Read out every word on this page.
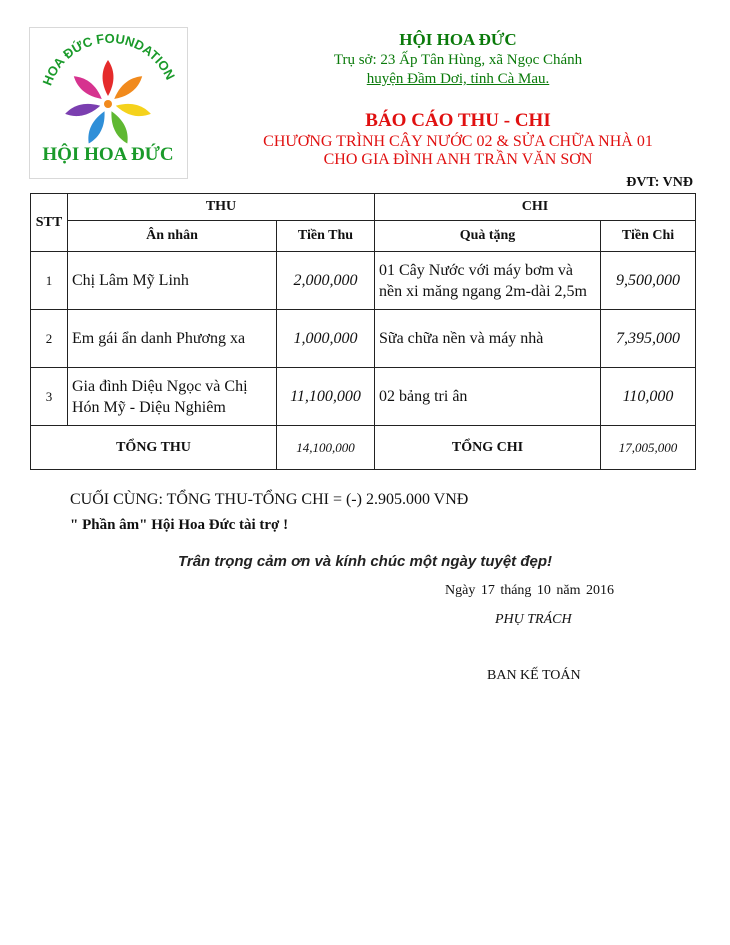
HOA ĐỨC FOUNDATION
HỘI HOA ĐỨC
HỘI HOA ĐỨC
Trụ sở: 23 Ấp Tân Hùng, xã Ngọc Chánh
huyện Đầm Dơi, tỉnh Cà Mau.
BÁO CÁO THU - CHI
CHƯƠNG TRÌNH CÂY NƯỚC 02 & SỬA CHỮA NHÀ 01
CHO GIA ĐÌNH ANH TRẦN VĂN SƠN
ĐVT: VNĐ
STT	THU		CHI	
	Ân nhân	Tiền Thu	Quà tặng	Tiền Chi
1	Chị Lâm Mỹ Linh	2,000,000	01 Cây Nước với máy bơm và nền xi măng ngang 2m-dài 2,5m	9,500,000
2	Em gái ẩn danh Phương xa	1,000,000	Sữa chữa nền và máy nhà	7,395,000
3	Gia đình Diệu Ngọc và Chị Hón Mỹ - Diệu Nghiêm	11,100,000	02 bảng tri ân	110,000
TỔNG THU		14,100,000	TỔNG CHI	17,005,000
CUỐI CÙNG: TỔNG THU-TỔNG CHI = (-) 2.905.000 VNĐ
" Phần âm" Hội Hoa Đức tài trợ !
Trân trọng cảm ơn và kính chúc một ngày tuyệt đẹp!
Ngày 17 tháng 10 năm 2016
PHỤ TRÁCH
BAN KẾ TOÁN
